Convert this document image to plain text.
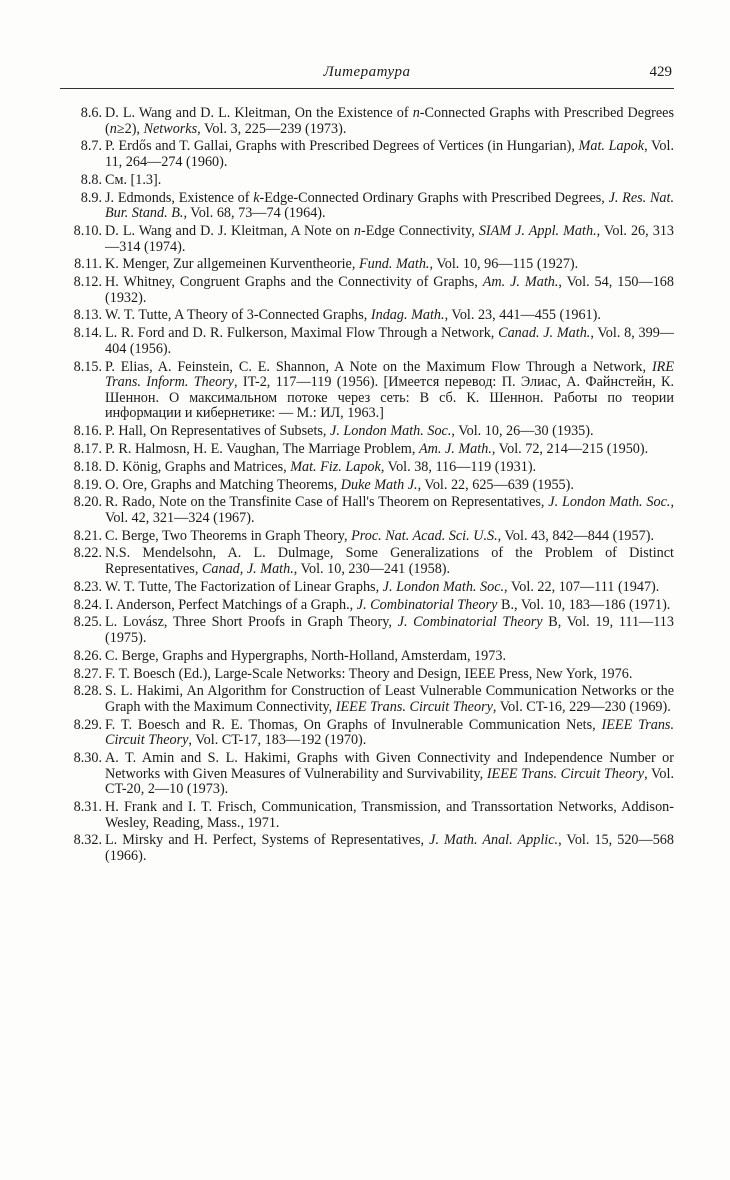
Литература	429
8.6. D. L. Wang and D. L. Kleitman, On the Existence of n-Connected Graphs with Prescribed Degrees (n≥2), Networks, Vol. 3, 225—239 (1973).
8.7. P. Erdős and T. Gallai, Graphs with Prescribed Degrees of Vertices (in Hungarian), Mat. Lapok, Vol. 11, 264—274 (1960).
8.8. См. [1.3].
8.9. J. Edmonds, Existence of k-Edge-Connected Ordinary Graphs with Prescribed Degrees, J. Res. Nat. Bur. Stand. B., Vol. 68, 73—74 (1964).
8.10. D. L. Wang and D. J. Kleitman, A Note on n-Edge Connectivity, SIAM J. Appl. Math., Vol. 26, 313—314 (1974).
8.11. K. Menger, Zur allgemeinen Kurventheorie, Fund. Math., Vol. 10, 96—115 (1927).
8.12. H. Whitney, Congruent Graphs and the Connectivity of Graphs, Am. J. Math., Vol. 54, 150—168 (1932).
8.13. W. T. Tutte, A Theory of 3-Connected Graphs, Indag. Math., Vol. 23, 441—455 (1961).
8.14. L. R. Ford and D. R. Fulkerson, Maximal Flow Through a Network, Canad. J. Math., Vol. 8, 399—404 (1956).
8.15. P. Elias, A. Feinstein, C. E. Shannon, A Note on the Maximum Flow Through a Network, IRE Trans. Inform. Theory, IT-2, 117—119 (1956). [Имеется перевод: П. Элиас, А. Файнстейн, К. Шеннон. О максимальном потоке через сеть: В сб. К. Шеннон. Работы по теории информации и кибернетике: — М.: ИЛ, 1963.]
8.16. P. Hall, On Representatives of Subsets, J. London Math. Soc., Vol. 10, 26—30 (1935).
8.17. P. R. Halmosn, H. E. Vaughan, The Marriage Problem, Am. J. Math., Vol. 72, 214—215 (1950).
8.18. D. König, Graphs and Matrices, Mat. Fiz. Lapok, Vol. 38, 116—119 (1931).
8.19. O. Ore, Graphs and Matching Theorems, Duke Math J., Vol. 22, 625—639 (1955).
8.20. R. Rado, Note on the Transfinite Case of Hall's Theorem on Representatives, J. London Math. Soc., Vol. 42, 321—324 (1967).
8.21. C. Berge, Two Theorems in Graph Theory, Proc. Nat. Acad. Sci. U.S., Vol. 43, 842—844 (1957).
8.22. N.S. Mendelsohn, A. L. Dulmage, Some Generalizations of the Problem of Distinct Representatives, Canad, J. Math., Vol. 10, 230—241 (1958).
8.23. W. T. Tutte, The Factorization of Linear Graphs, J. London Math. Soc., Vol. 22, 107—111 (1947).
8.24. I. Anderson, Perfect Matchings of a Graph., J. Combinatorial Theory B., Vol. 10, 183—186 (1971).
8.25. L. Lovász, Three Short Proofs in Graph Theory, J. Combinatorial Theory B, Vol. 19, 111—113 (1975).
8.26. C. Berge, Graphs and Hypergraphs, North-Holland, Amsterdam, 1973.
8.27. F. T. Boesch (Ed.), Large-Scale Networks: Theory and Design, IEEE Press, New York, 1976.
8.28. S. L. Hakimi, An Algorithm for Construction of Least Vulnerable Communication Networks or the Graph with the Maximum Connectivity, IEEE Trans. Circuit Theory, Vol. CT-16, 229—230 (1969).
8.29. F. T. Boesch and R. E. Thomas, On Graphs of Invulnerable Communication Nets, IEEE Trans. Circuit Theory, Vol. CT-17, 183—192 (1970).
8.30. A. T. Amin and S. L. Hakimi, Graphs with Given Connectivity and Independence Number or Networks with Given Measures of Vulnerability and Survivability, IEEE Trans. Circuit Theory, Vol. CT-20, 2—10 (1973).
8.31. H. Frank and I. T. Frisch, Communication, Transmission, and Transsortation Networks, Addison-Wesley, Reading, Mass., 1971.
8.32. L. Mirsky and H. Perfect, Systems of Representatives, J. Math. Anal. Applic., Vol. 15, 520—568 (1966).
